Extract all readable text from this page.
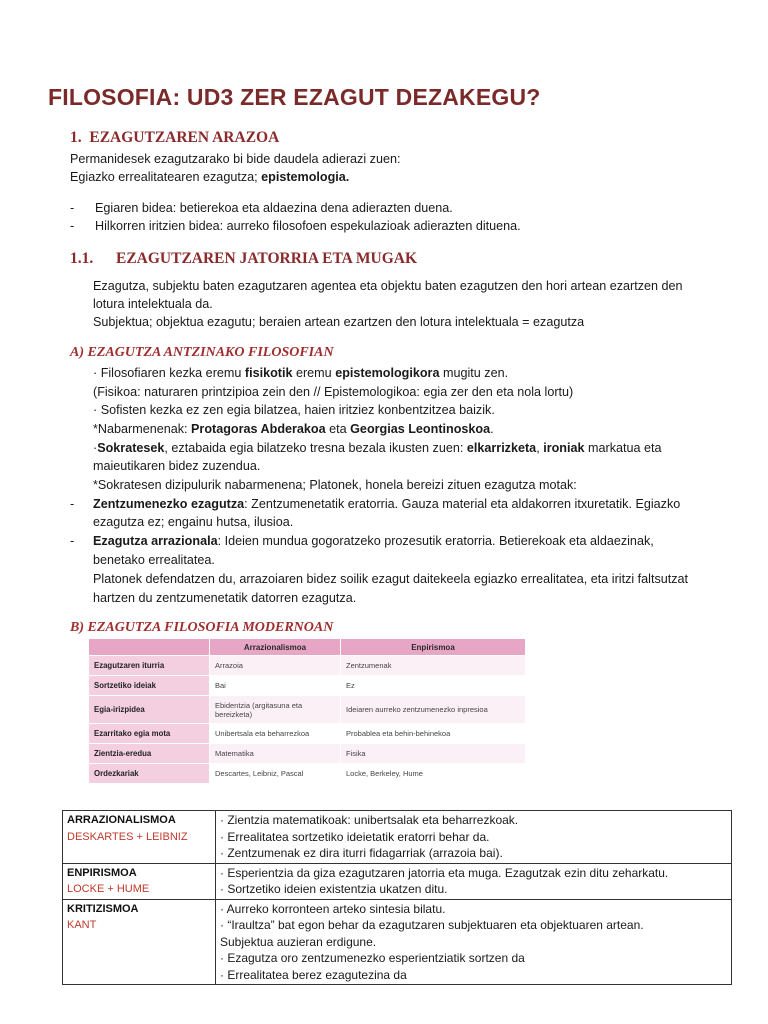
FILOSOFIA: UD3 ZER EZAGUT DEZAKEGU?
1. EZAGUTZAREN ARAZOA
Permanidesek ezagutzarako bi bide daudela adierazi zuen:
Egiazko errealitatearen ezagutza; epistemologia.
- Egiaren bidea: betierekoa eta aldaezina dena adierazten duena.
- Hilkorren iritzien bidea: aurreko filosofoen espekulazioak adierazten dituena.
1.1. EZAGUTZAREN JATORRIA ETA MUGAK
Ezagutza, subjektu baten ezagutzaren agentea eta objektu baten ezagutzen den hori artean ezartzen den
lotura intelektuala da.
Subjektua; objektua ezagutu; beraien artean ezartzen den lotura intelektuala = ezagutza
A) EZAGUTZA ANTZINAKO FILOSOFIAN
· Filosofiaren kezka eremu fisikotik eremu epistemologikora mugitu zen.
(Fisikoa: naturaren printzipioa zein den // Epistemologikoa: egia zer den eta nola lortu)
· Sofisten kezka ez zen egia bilatzea, haien iritziez konbentzitzea baizik.
*Nabarmenenak: Protagoras Abderakoa eta Georgias Leontinoskoa.
·Sokratesek, eztabaida egia bilatzeko tresna bezala ikusten zuen: elkarrizketa, ironiak markatua eta
maieutikaren bidez zuzendua.
*Sokratesen dizipulurik nabarmenena; Platonek, honela bereizi zituen ezagutza motak:
- Zentzumenezko ezagutza: Zentzumenetatik eratorria. Gauza material eta aldakorren itxuretatik. Egiazko
ezagutza ez; engainu hutsa, ilusioa.
- Ezagutza arrazionala: Ideien mundua gogoratzeko prozesutik eratorria. Betierekoak eta aldaezinak,
benetako errealitatea.
Platonek defendatzen du, arrazoiaren bidez soilik ezagut daitekeela egiazko errealitatea, eta iritzi faltsutzat
hartzen du zentzumenetatik datorren ezagutza.
B) EZAGUTZA FILOSOFIA MODERNOAN
	Arrazionalismoa	Enpirismoa
Ezagutzaren iturria	Arrazoia	Zentzumenak
Sortzetiko ideiak	Bai	Ez
Egia-irizpidea	Ebidentzia (argitasuna eta bereizketa)	Ideiaren aurreko zentzumenezko inpresioa
Ezarritako egia mota	Unibertsala eta beharrezkoa	Probablea eta behin-behinekoa
Zientzia-eredua	Matematika	Fisika
Ordezkariak	Descartes, Leibniz, Pascal	Locke, Berkeley, Hume
ARRAZIONALISMOA
DESKARTES + LEIBNIZ	· Zientzia matematikoak: unibertsalak eta beharrezkoak.
· Errealitatea sortzetiko ideietatik eratorri behar da.
· Zentzumenak ez dira iturri fidagarriak (arrazoia bai).

ENPIRISMOA
LOCKE + HUME	· Esperientzia da giza ezagutzaren jatorria eta muga. Ezagutzak ezin ditu zeharkatu.
· Sortzetiko ideien existentzia ukatzen ditu.

KRITIZISMOA
KANT	· Aurreko korronteen arteko sintesia bilatu.
· “Iraultza” bat egon behar da ezagutzaren subjektuaren eta objektuaren artean.
Subjektua auzieran erdigune.
· Ezagutza oro zentzumenezko esperientziatik sortzen da
· Errealitatea berez ezagutezina da
